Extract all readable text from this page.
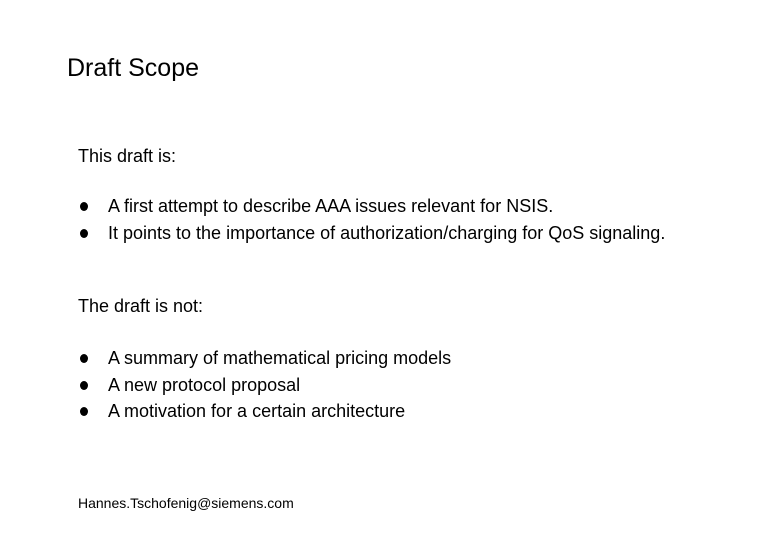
Draft Scope
This draft is:
A first attempt to describe AAA issues relevant for NSIS.
It points to the importance of authorization/charging for QoS signaling.
The draft is not:
A summary of mathematical pricing models
A new protocol proposal
A motivation for a certain architecture
Hannes.Tschofenig@siemens.com
